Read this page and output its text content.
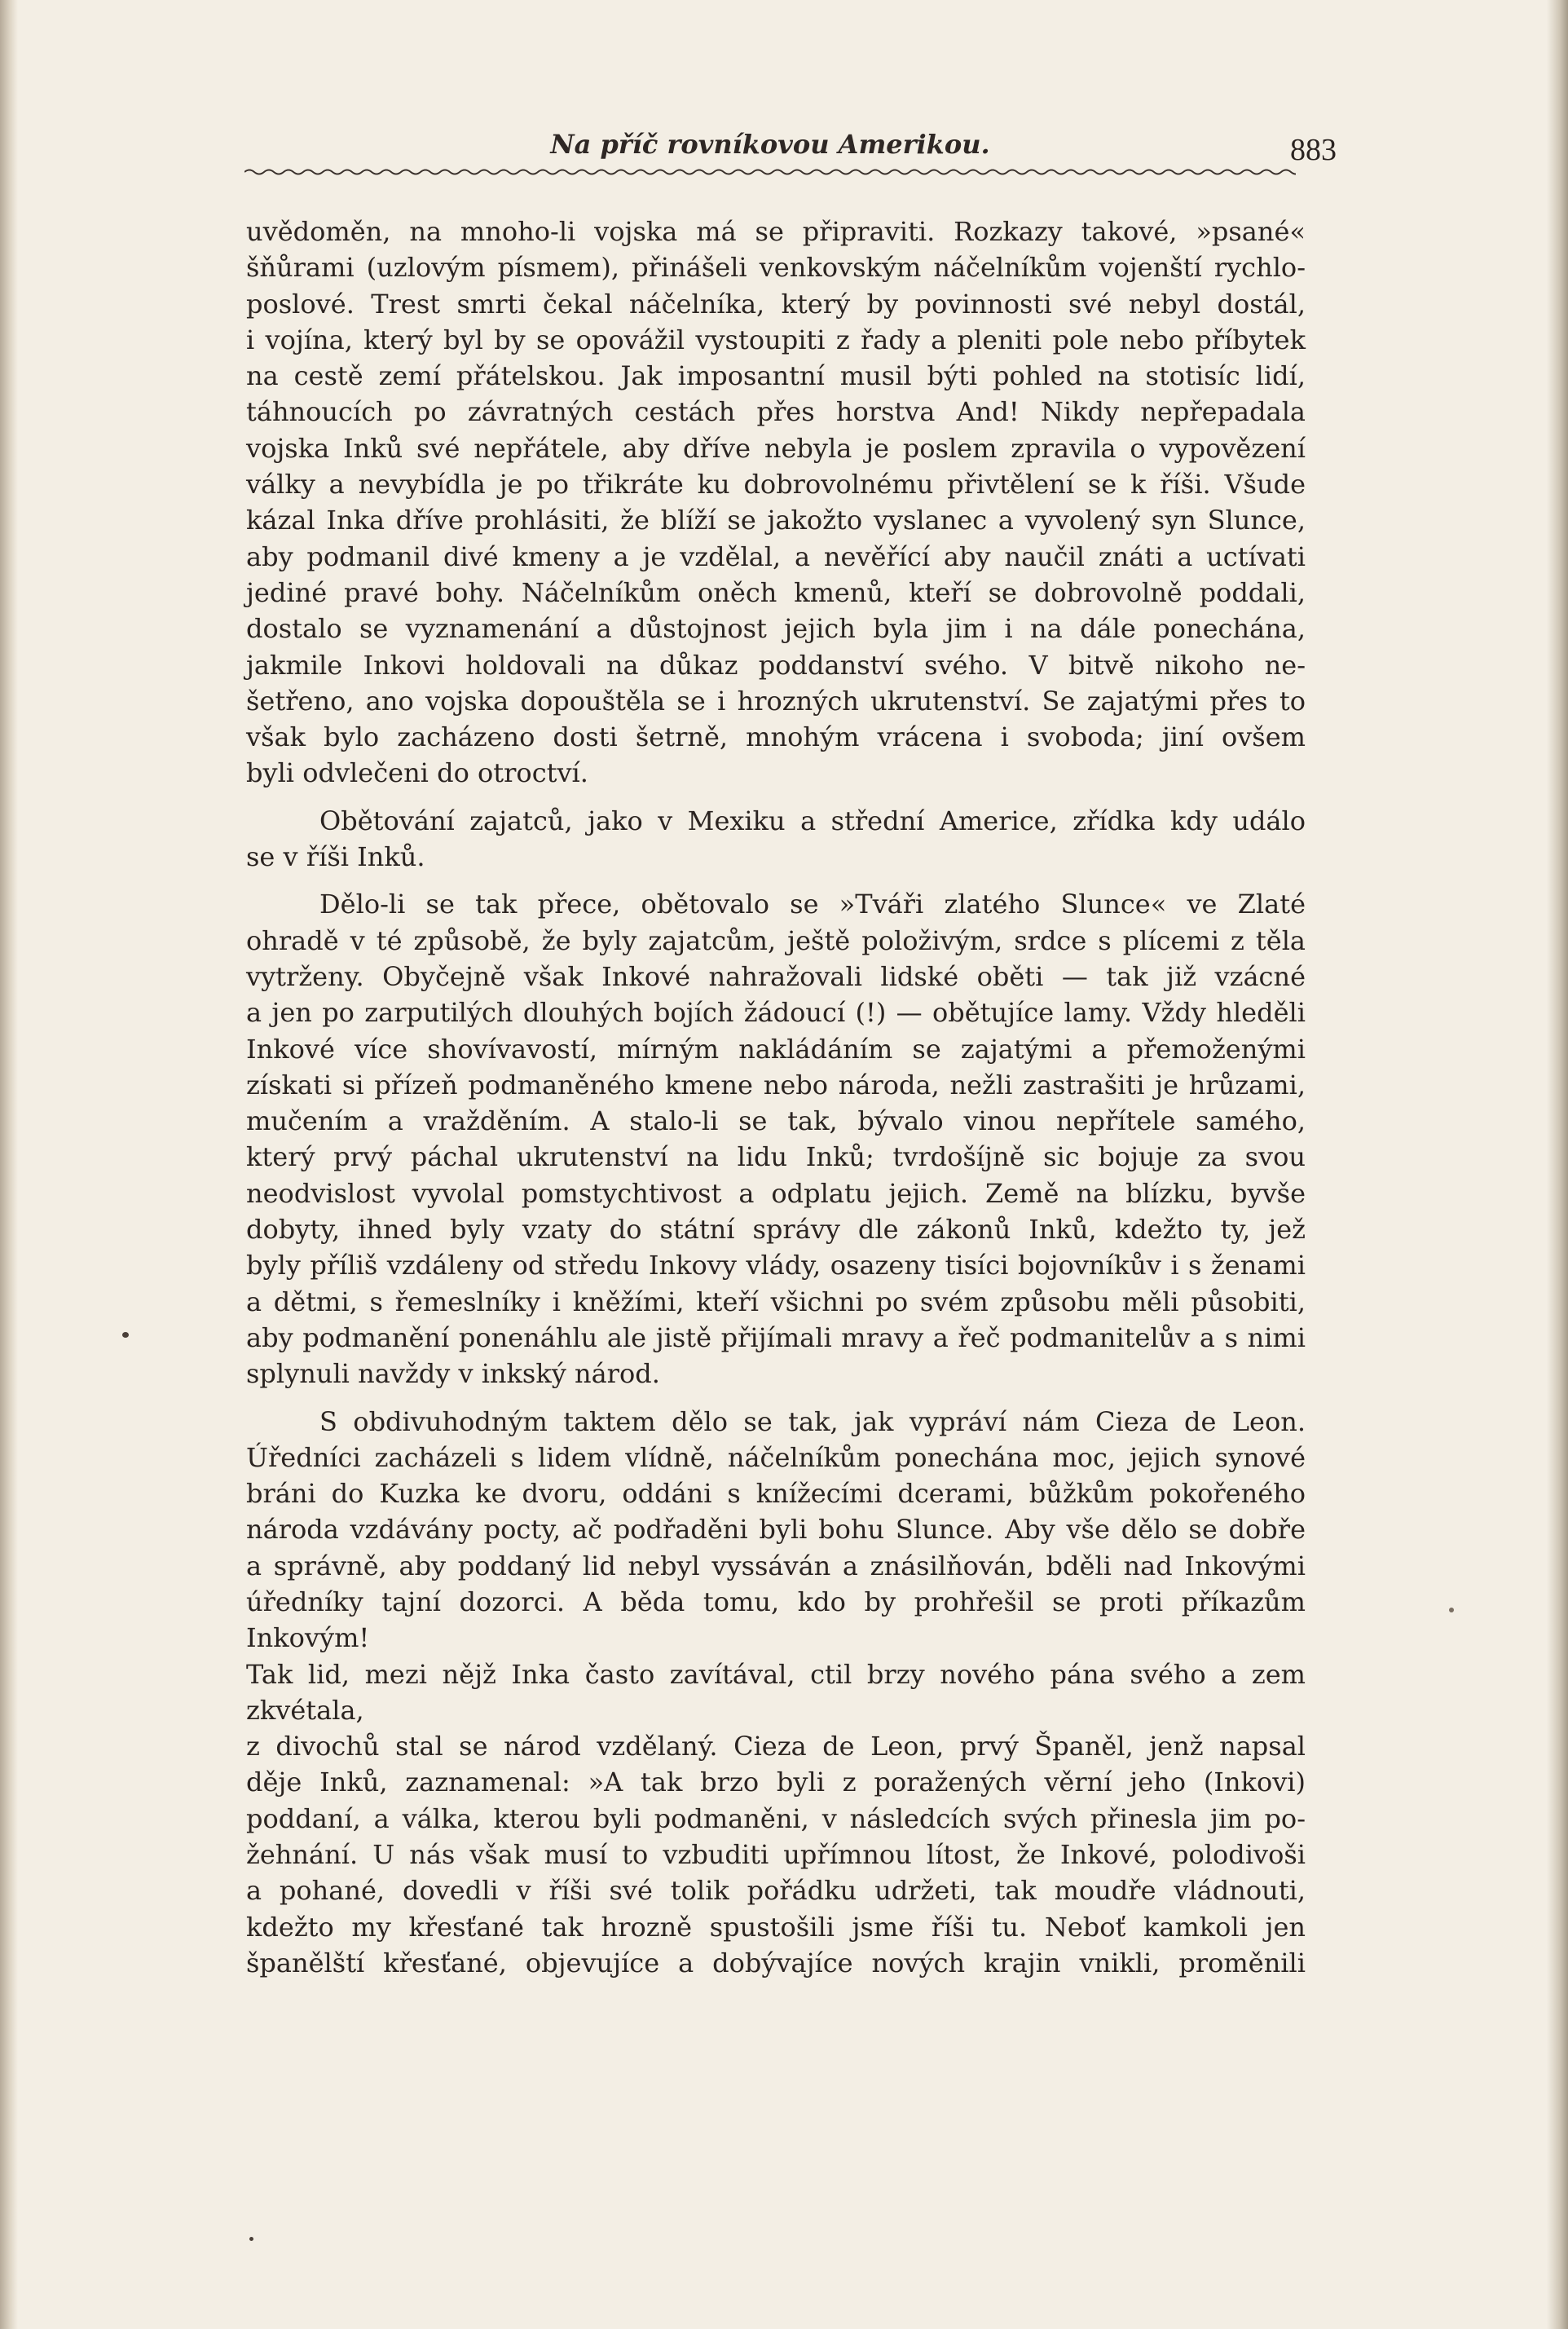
Na příč rovníkovou Amerikou.	883

uvědoměn, na mnoho-li vojska má se připraviti. Rozkazy takové, »psané«
šňůrami (uzlovým písmem), přinášeli venkovským náčelníkům vojenští rychlo-
poslové. Trest smrti čekal náčelníka, který by povinnosti své nebyl dostál,
i vojína, který byl by se opovážil vystoupiti z řady a pleniti pole nebo příbytek
na cestě zemí přátelskou. Jak imposantní musil býti pohled na stotisíc lidí,
táhnoucích po závratných cestách přes horstva And! Nikdy nepřepadala
vojska Inků své nepřátele, aby dříve nebyla je poslem zpravila o vypovězení
války a nevybídla je po třikráte ku dobrovolnému přivtělení se k říši. Všude
kázal Inka dříve prohlásiti, že blíží se jakožto vyslanec a vyvolený syn Slunce,
aby podmanil divé kmeny a je vzdělal, a nevěřící aby naučil znáti a uctívati
jediné pravé bohy. Náčelníkům oněch kmenů, kteří se dobrovolně poddali,
dostalo se vyznamenání a důstojnost jejich byla jim i na dále ponechána,
jakmile Inkovi holdovali na důkaz poddanství svého. V bitvě nikoho ne-
šetřeno, ano vojska dopouštěla se i hrozných ukrutenství. Se zajatými přes to
však bylo zacházeno dosti šetrně, mnohým vrácena i svoboda; jiní ovšem
byli odvlečeni do otroctví.

Obětování zajatců, jako v Mexiku a střední Americe, zřídka kdy událo
se v říši Inků.

Dělo-li se tak přece, obětovalo se »Tváři zlatého Slunce« ve Zlaté
ohradě v té způsobě, že byly zajatcům, ještě položivým, srdce s plícemi z těla
vytrženy. Obyčejně však Inkové nahražovali lidské oběti — tak již vzácné
a jen po zarputilých dlouhých bojích žádoucí (!) — obětujíce lamy. Vždy hleděli
Inkové více shovívavostí, mírným nakládáním se zajatými a přemoženými
získati si přízeň podmaněného kmene nebo národa, nežli zastrašiti je hrůzami,
mučením a vražděním. A stalo-li se tak, bývalo vinou nepřítele samého,
který prvý páchal ukrutenství na lidu Inků; tvrdošíjně sic bojuje za svou
neodvislost vyvolal pomstychtivost a odplatu jejich. Země na blízku, byvše
dobyty, ihned byly vzaty do státní správy dle zákonů Inků, kdežto ty, jež
byly příliš vzdáleny od středu Inkovy vlády, osazeny tisíci bojovníkův i s ženami
a dětmi, s řemeslníky i kněžími, kteří všichni po svém způsobu měli působiti,
aby podmanění ponenáhlu ale jistě přijímali mravy a řeč podmanitelův a s nimi
splynuli navždy v inkský národ.

S obdivuhodným taktem dělo se tak, jak vypráví nám Cieza de Leon.
Úředníci zacházeli s lidem vlídně, náčelníkům ponechána moc, jejich synové
bráni do Kuzka ke dvoru, oddáni s knížecími dcerami, bůžkům pokořeného
národa vzdávány pocty, ač podřaděni byli bohu Slunce. Aby vše dělo se dobře
a správně, aby poddaný lid nebyl vyssáván a znásilňován, bděli nad Inkovými
úředníky tajní dozorci. A běda tomu, kdo by prohřešil se proti příkazům Inkovým!
Tak lid, mezi nějž Inka často zavítával, ctil brzy nového pána svého a zem zkvétala,
z divochů stal se národ vzdělaný. Cieza de Leon, prvý Španěl, jenž napsal
děje Inků, zaznamenal: »A tak brzo byli z poražených věrní jeho (Inkovi)
poddaní, a válka, kterou byli podmaněni, v následcích svých přinesla jim po-
žehnání. U nás však musí to vzbuditi upřímnou lítost, že Inkové, polodivoši
a pohané, dovedli v říši své tolik pořádku udržeti, tak moudře vládnouti,
kdežto my křesťané tak hrozně spustošili jsme říši tu. Neboť kamkoli jen
španělští křesťané, objevujíce a dobývajíce nových krajin vnikli, proměnili
